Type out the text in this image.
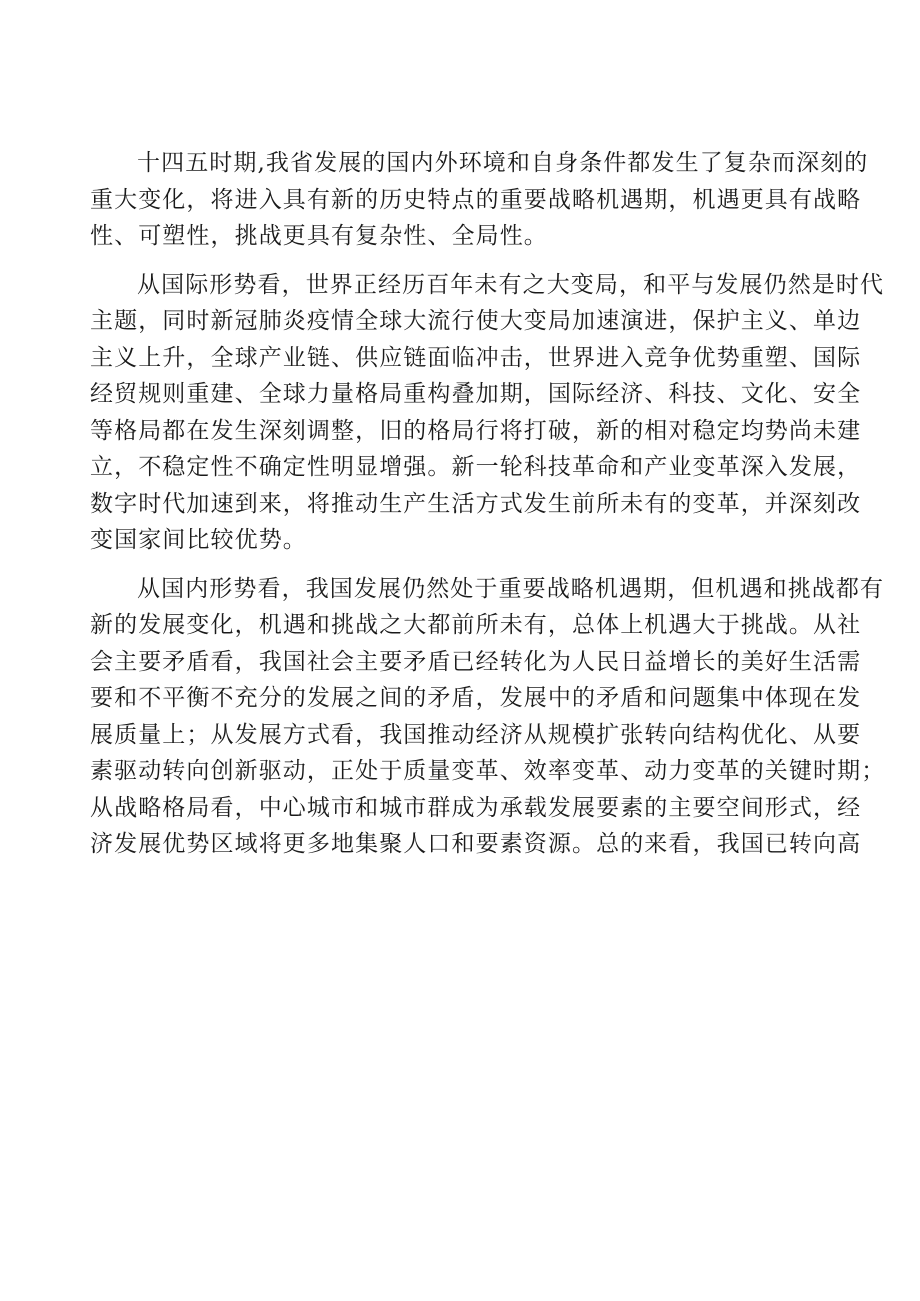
十四五时期,我省发展的国内外环境和自身条件都发生了复杂而深刻的
重大变化，将进入具有新的历史特点的重要战略机遇期，机遇更具有战略
性、可塑性，挑战更具有复杂性、全局性。

从国际形势看，世界正经历百年未有之大变局，和平与发展仍然是时代
主题，同时新冠肺炎疫情全球大流行使大变局加速演进，保护主义、单边
主义上升，全球产业链、供应链面临冲击，世界进入竞争优势重塑、国际
经贸规则重建、全球力量格局重构叠加期，国际经济、科技、文化、安全
等格局都在发生深刻调整，旧的格局行将打破，新的相对稳定均势尚未建
立，不稳定性不确定性明显增强。新一轮科技革命和产业变革深入发展，
数字时代加速到来，将推动生产生活方式发生前所未有的变革，并深刻改
变国家间比较优势。

从国内形势看，我国发展仍然处于重要战略机遇期，但机遇和挑战都有
新的发展变化，机遇和挑战之大都前所未有，总体上机遇大于挑战。从社
会主要矛盾看，我国社会主要矛盾已经转化为人民日益增长的美好生活需
要和不平衡不充分的发展之间的矛盾，发展中的矛盾和问题集中体现在发
展质量上；从发展方式看，我国推动经济从规模扩张转向结构优化、从要
素驱动转向创新驱动，正处于质量变革、效率变革、动力变革的关键时期；
从战略格局看，中心城市和城市群成为承载发展要素的主要空间形式，经
济发展优势区域将更多地集聚人口和要素资源。总的来看，我国已转向高
